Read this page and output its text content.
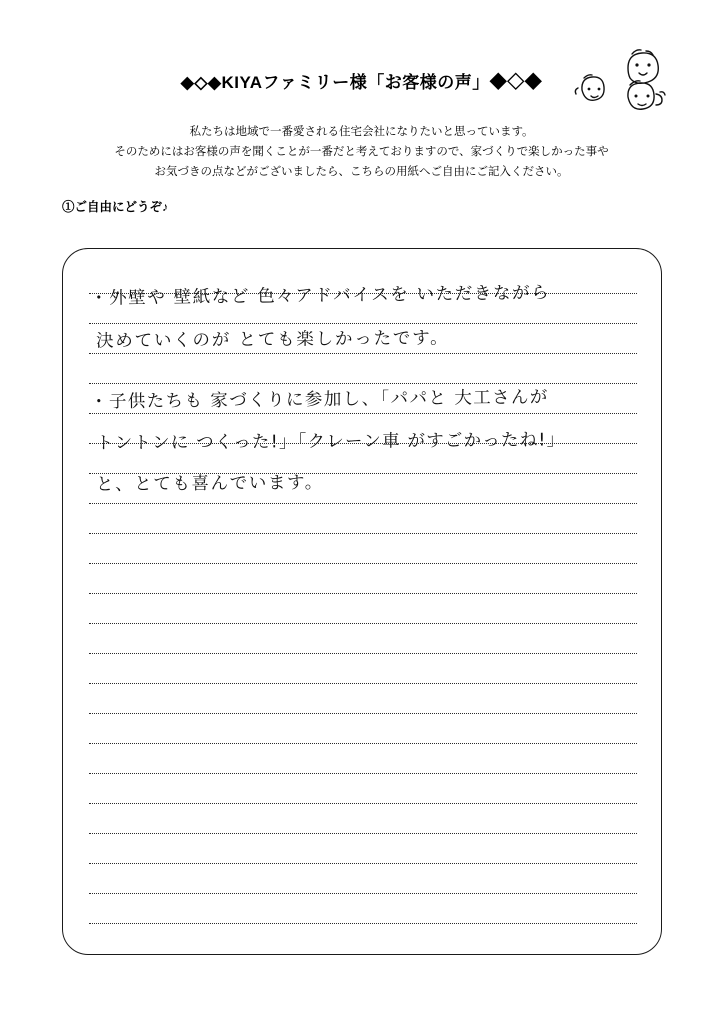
◆◇◆KIYAファミリー様「お客様の声」◆◇◆
私たちは地域で一番愛される住宅会社になりたいと思っています。
そのためにはお客様の声を聞くことが一番だと考えておりますので、家づくりで楽しかった事や
お気づきの点などがございましたら、こちらの用紙へご自由にご記入ください。
①ご自由にどうぞ♪
・外壁や 壁紙など 色々アドバイスを いただきながら
決めていくのが とても楽しかったです。
・子供たちも 家づくりに参加し、「パパと 大工さんが
トントンに つくった!」「クレーン車 がすごかったね!」
と、とても喜んでいます。
